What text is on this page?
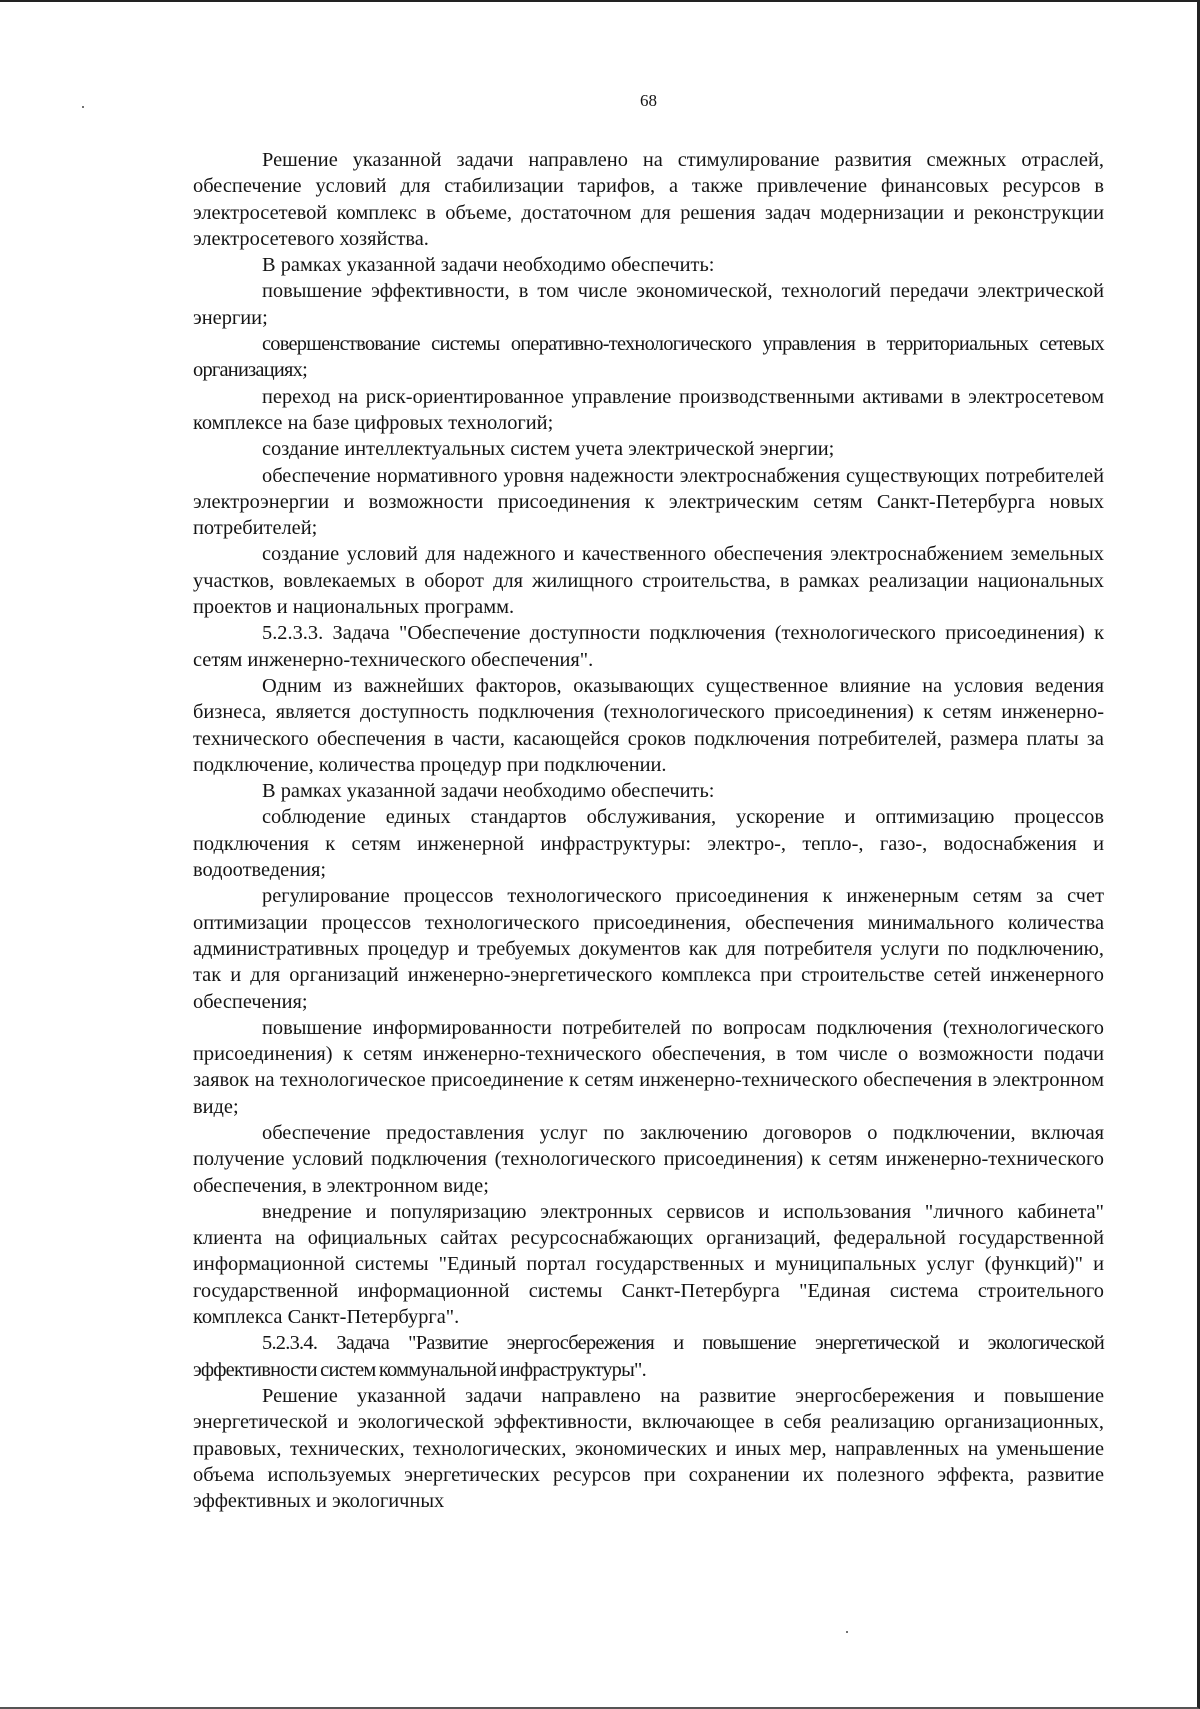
68

Решение указанной задачи направлено на стимулирование развития смежных отраслей, обеспечение условий для стабилизации тарифов, а также привлечение финансовых ресурсов в электросетевой комплекс в объеме, достаточном для решения задач модернизации и реконструкции электросетевого хозяйства.

В рамках указанной задачи необходимо обеспечить:

повышение эффективности, в том числе экономической, технологий передачи электрической энергии;

совершенствование системы оперативно-технологического управления в территориальных сетевых организациях;

переход на риск-ориентированное управление производственными активами в электросетевом комплексе на базе цифровых технологий;

создание интеллектуальных систем учета электрической энергии;

обеспечение нормативного уровня надежности электроснабжения существующих потребителей электроэнергии и возможности присоединения к электрическим сетям Санкт-Петербурга новых потребителей;

создание условий для надежного и качественного обеспечения электроснабжением земельных участков, вовлекаемых в оборот для жилищного строительства, в рамках реализации национальных проектов и национальных программ.

5.2.3.3. Задача "Обеспечение доступности подключения (технологического присоединения) к сетям инженерно-технического обеспечения".

Одним из важнейших факторов, оказывающих существенное влияние на условия ведения бизнеса, является доступность подключения (технологического присоединения) к сетям инженерно-технического обеспечения в части, касающейся сроков подключения потребителей, размера платы за подключение, количества процедур при подключении.

В рамках указанной задачи необходимо обеспечить:

соблюдение единых стандартов обслуживания, ускорение и оптимизацию процессов подключения к сетям инженерной инфраструктуры: электро-, тепло-, газо-, водоснабжения и водоотведения;

регулирование процессов технологического присоединения к инженерным сетям за счет оптимизации процессов технологического присоединения, обеспечения минимального количества административных процедур и требуемых документов как для потребителя услуги по подключению, так и для организаций инженерно-энергетического комплекса при строительстве сетей инженерного обеспечения;

повышение информированности потребителей по вопросам подключения (технологического присоединения) к сетям инженерно-технического обеспечения, в том числе о возможности подачи заявок на технологическое присоединение к сетям инженерно-технического обеспечения в электронном виде;

обеспечение предоставления услуг по заключению договоров о подключении, включая получение условий подключения (технологического присоединения) к сетям инженерно-технического обеспечения, в электронном виде;

внедрение и популяризацию электронных сервисов и использования "личного кабинета" клиента на официальных сайтах ресурсоснабжающих организаций, федеральной государственной информационной системы "Единый портал государственных и муниципальных услуг (функций)" и государственной информационной системы Санкт-Петербурга "Единая система строительного комплекса Санкт-Петербурга".

5.2.3.4. Задача "Развитие энергосбережения и повышение энергетической и экологической эффективности систем коммунальной инфраструктуры".

Решение указанной задачи направлено на развитие энергосбережения и повышение энергетической и экологической эффективности, включающее в себя реализацию организационных, правовых, технических, технологических, экономических и иных мер, направленных на уменьшение объема используемых энергетических ресурсов при сохранении их полезного эффекта, развитие эффективных и экологичных
